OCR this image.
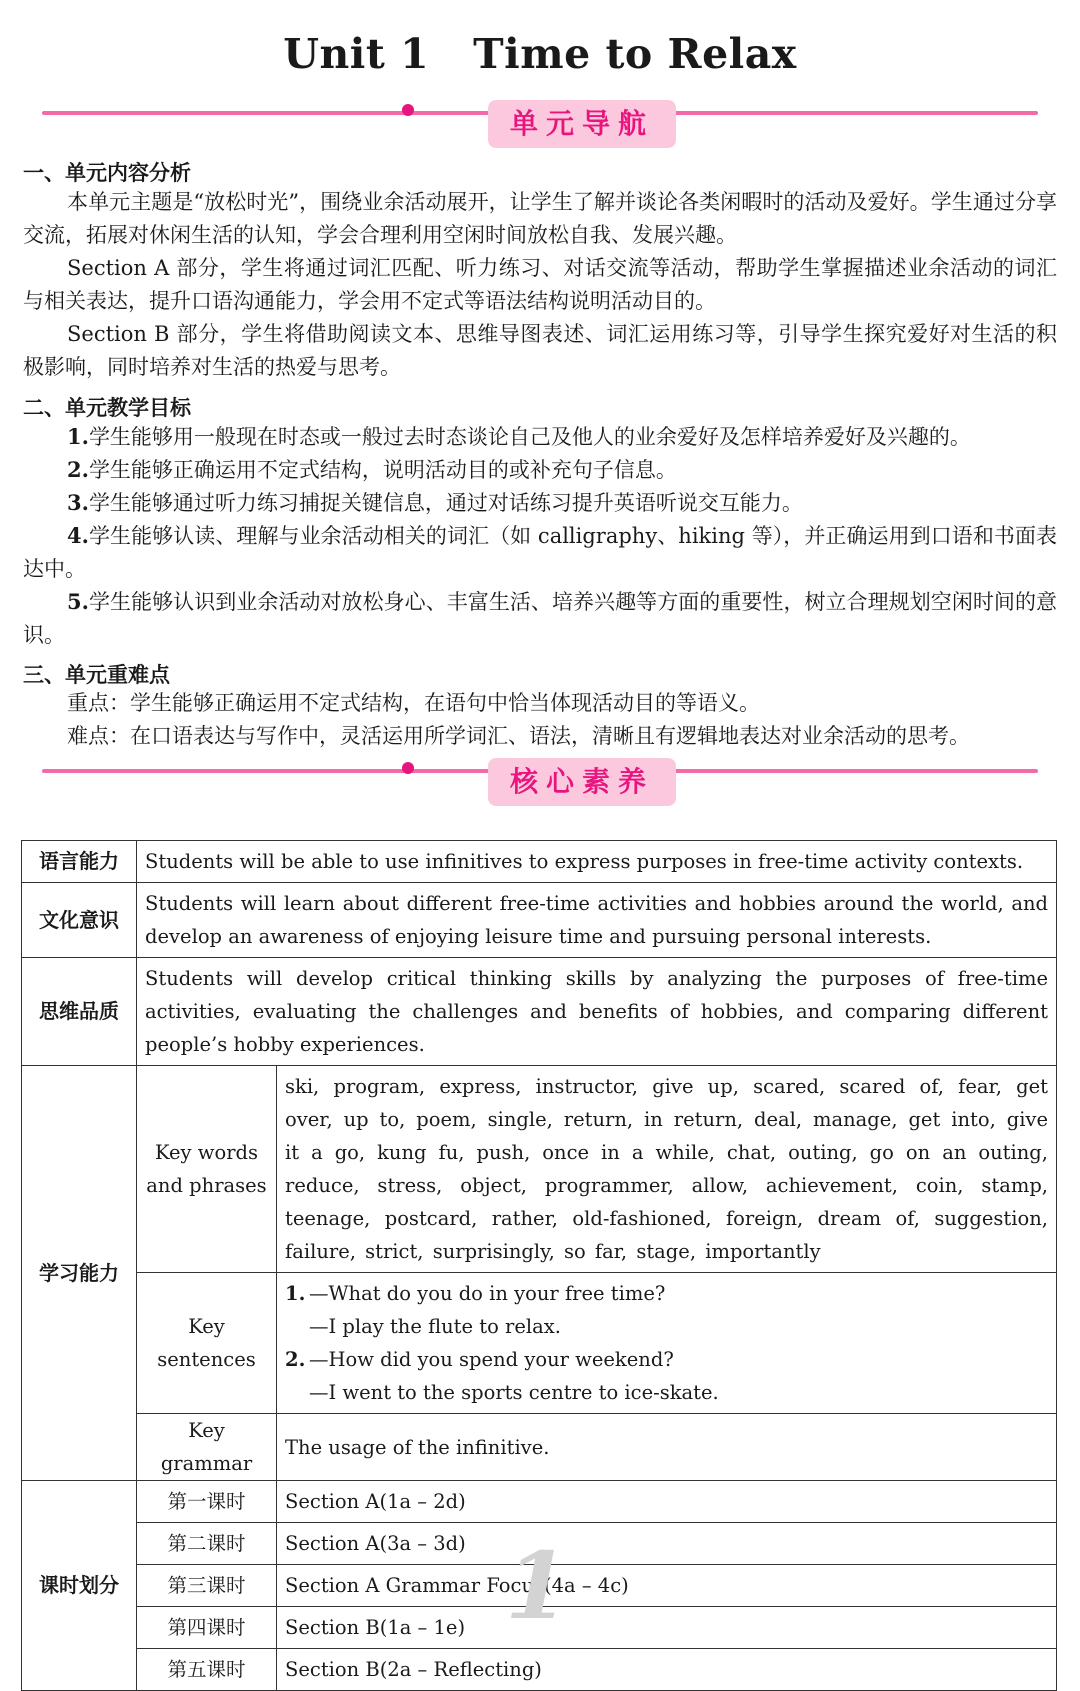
Unit 1 Time to Relax
单元导航
一、单元内容分析
本单元主题是“放松时光”，围绕业余活动展开，让学生了解并谈论各类闲暇时的活动及爱好。学生通过分享交流，拓展对休闲生活的认知，学会合理利用空闲时间放松自我、发展兴趣。
Section A 部分，学生将通过词汇匹配、听力练习、对话交流等活动，帮助学生掌握描述业余活动的词汇与相关表达，提升口语沟通能力，学会用不定式等语法结构说明活动目的。
Section B 部分，学生将借助阅读文本、思维导图表述、词汇运用练习等，引导学生探究爱好对生活的积极影响，同时培养对生活的热爱与思考。
二、单元教学目标
1.学生能够用一般现在时态或一般过去时态谈论自己及他人的业余爱好及怎样培养爱好及兴趣的。
2.学生能够正确运用不定式结构，说明活动目的或补充句子信息。
3.学生能够通过听力练习捕捉关键信息，通过对话练习提升英语听说交互能力。
4.学生能够认读、理解与业余活动相关的词汇（如 calligraphy、hiking 等），并正确运用到口语和书面表达中。
5.学生能够认识到业余活动对放松身心、丰富生活、培养兴趣等方面的重要性，树立合理规划空闲时间的意识。
三、单元重难点
重点：学生能够正确运用不定式结构，在语句中恰当体现活动目的等语义。
难点：在口语表达与写作中，灵活运用所学词汇、语法，清晰且有逻辑地表达对业余活动的思考。
核心素养
语言能力	Students will be able to use infinitives to express purposes in free-time activity contexts.	
文化意识	Students will learn about different free-time activities and hobbies around the world, and develop an awareness of enjoying leisure time and pursuing personal interests.	
思维品质	Students will develop critical thinking skills by analyzing the purposes of free-time activities, evaluating the challenges and benefits of hobbies, and comparing different people’s hobby experiences.	
学习能力	Key words and phrases	ski, program, express, instructor, give up, scared, scared of, fear, get over, up to, poem, single, return, in return, deal, manage, get into, give it a go, kung fu, push, once in a while, chat, outing, go on an outing, reduce, stress, object, programmer, allow, achievement, coin, stamp, teenage, postcard, rather, old-fashioned, foreign, dream of, suggestion, failure, strict, surprisingly, so far, stage, importantly
	Key sentences	1. —What do you do in your free time?
—I play the flute to relax.
2. —How did you spend your weekend?
—I went to the sports centre to ice-skate.

	Key grammar	The usage of the infinitive.
课时划分	第一课时	Section A(1a – 2d)
	第二课时	Section A(3a – 3d)
	第三课时	Section A Grammar Focus(4a – 4c)
	第四课时	Section B(1a – 1e)
	第五课时	Section B(2a – Reflecting)
1
